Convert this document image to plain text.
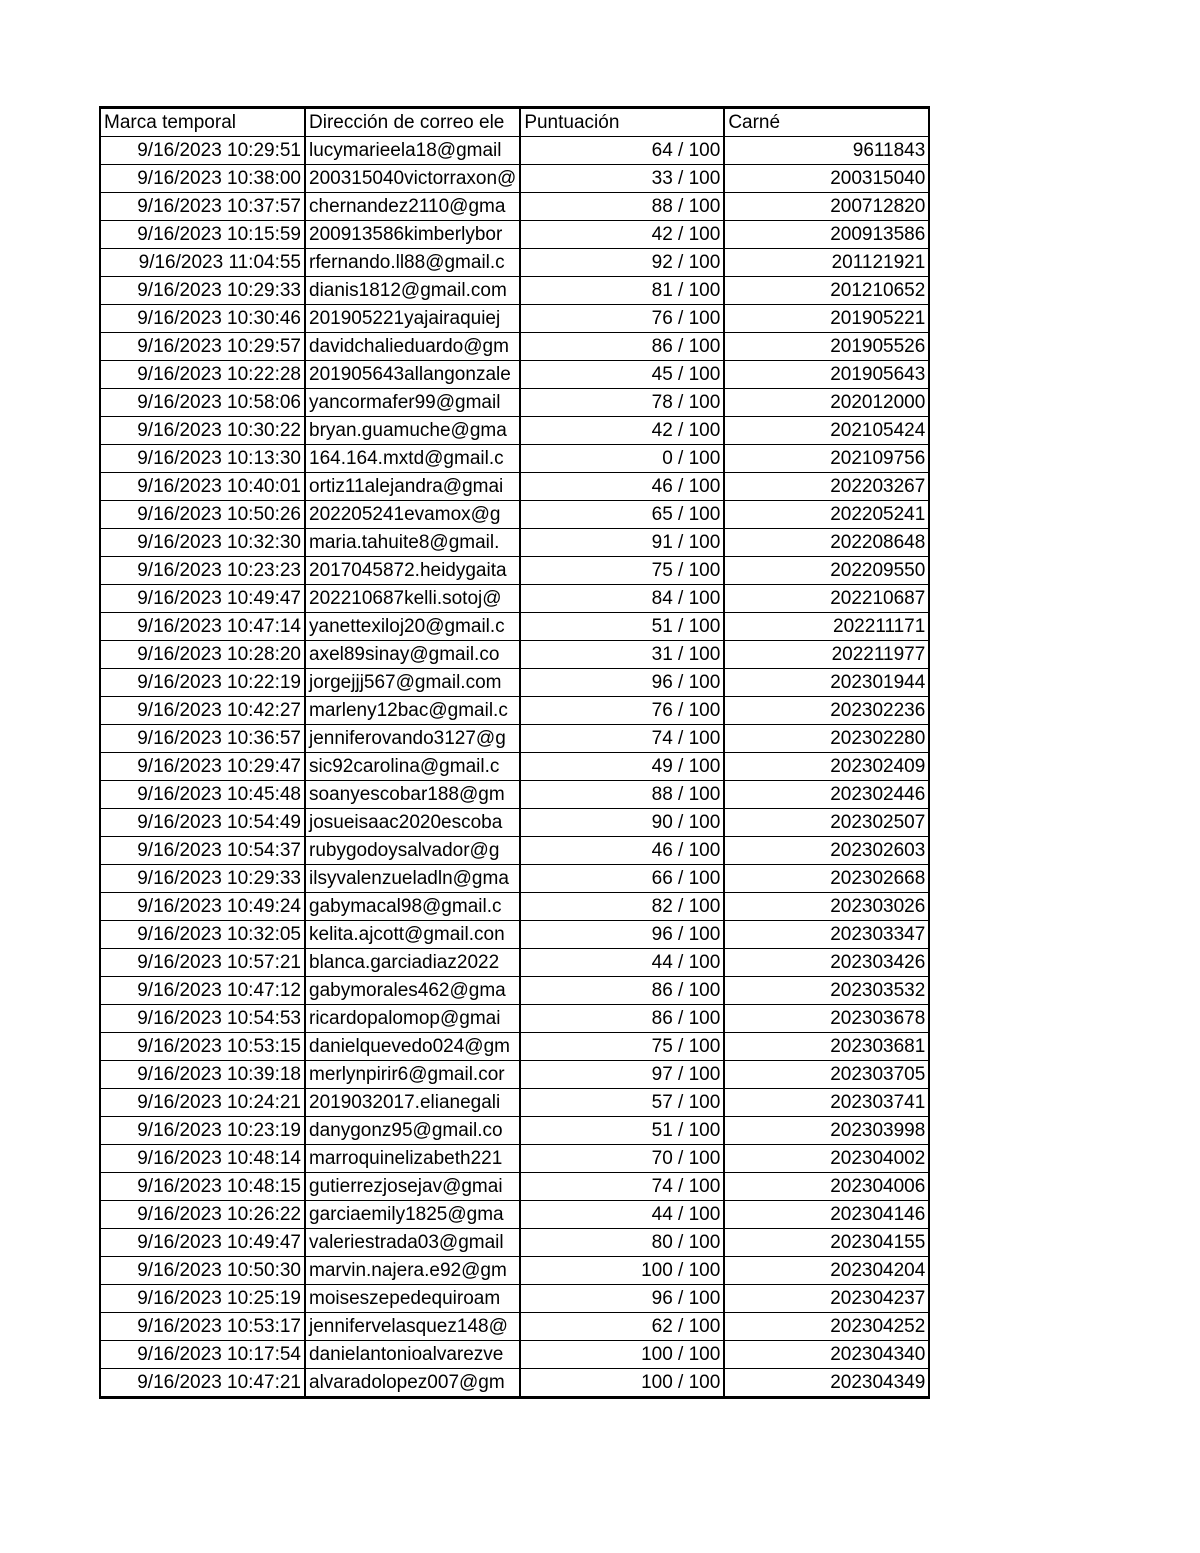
Marca temporal	Dirección de correo ele	Puntuación	Carné
9/16/2023 10:29:51	lucymarieela18@gmail	64 / 100	9611843
9/16/2023 10:38:00	200315040victorraxon@	33 / 100	200315040
9/16/2023 10:37:57	chernandez2110@gma	88 / 100	200712820
9/16/2023 10:15:59	200913586kimberlybor	42 / 100	200913586
9/16/2023 11:04:55	rfernando.ll88@gmail.c	92 / 100	201121921
9/16/2023 10:29:33	dianis1812@gmail.com	81 / 100	201210652
9/16/2023 10:30:46	201905221yajairaquiej	76 / 100	201905221
9/16/2023 10:29:57	davidchalieduardo@gm	86 / 100	201905526
9/16/2023 10:22:28	201905643allangonzale	45 / 100	201905643
9/16/2023 10:58:06	yancormafer99@gmail	78 / 100	202012000
9/16/2023 10:30:22	bryan.guamuche@gma	42 / 100	202105424
9/16/2023 10:13:30	164.164.mxtd@gmail.c	0 / 100	202109756
9/16/2023 10:40:01	ortiz11alejandra@gmai	46 / 100	202203267
9/16/2023 10:50:26	202205241evamox@g	65 / 100	202205241
9/16/2023 10:32:30	maria.tahuite8@gmail.	91 / 100	202208648
9/16/2023 10:23:23	2017045872.heidygaita	75 / 100	202209550
9/16/2023 10:49:47	202210687kelli.sotoj@	84 / 100	202210687
9/16/2023 10:47:14	yanettexiloj20@gmail.c	51 / 100	202211171
9/16/2023 10:28:20	axel89sinay@gmail.co	31 / 100	202211977
9/16/2023 10:22:19	jorgejjj567@gmail.com	96 / 100	202301944
9/16/2023 10:42:27	marleny12bac@gmail.c	76 / 100	202302236
9/16/2023 10:36:57	jenniferovando3127@g	74 / 100	202302280
9/16/2023 10:29:47	sic92carolina@gmail.c	49 / 100	202302409
9/16/2023 10:45:48	soanyescobar188@gm	88 / 100	202302446
9/16/2023 10:54:49	josueisaac2020escoba	90 / 100	202302507
9/16/2023 10:54:37	rubygodoysalvador@g	46 / 100	202302603
9/16/2023 10:29:33	ilsyvalenzueladln@gma	66 / 100	202302668
9/16/2023 10:49:24	gabymacal98@gmail.c	82 / 100	202303026
9/16/2023 10:32:05	kelita.ajcott@gmail.con	96 / 100	202303347
9/16/2023 10:57:21	blanca.garciadiaz2022	44 / 100	202303426
9/16/2023 10:47:12	gabymorales462@gma	86 / 100	202303532
9/16/2023 10:54:53	ricardopalomop@gmai	86 / 100	202303678
9/16/2023 10:53:15	danielquevedo024@gm	75 / 100	202303681
9/16/2023 10:39:18	merlynpirir6@gmail.cor	97 / 100	202303705
9/16/2023 10:24:21	2019032017.elianegali	57 / 100	202303741
9/16/2023 10:23:19	danygonz95@gmail.co	51 / 100	202303998
9/16/2023 10:48:14	marroquinelizabeth221	70 / 100	202304002
9/16/2023 10:48:15	gutierrezjosejav@gmai	74 / 100	202304006
9/16/2023 10:26:22	garciaemily1825@gma	44 / 100	202304146
9/16/2023 10:49:47	valeriestrada03@gmail	80 / 100	202304155
9/16/2023 10:50:30	marvin.najera.e92@gm	100 / 100	202304204
9/16/2023 10:25:19	moiseszepedequiroam	96 / 100	202304237
9/16/2023 10:53:17	jennifervelasquez148@	62 / 100	202304252
9/16/2023 10:17:54	danielantonioalvarezve	100 / 100	202304340
9/16/2023 10:47:21	alvaradolopez007@gm	100 / 100	202304349
